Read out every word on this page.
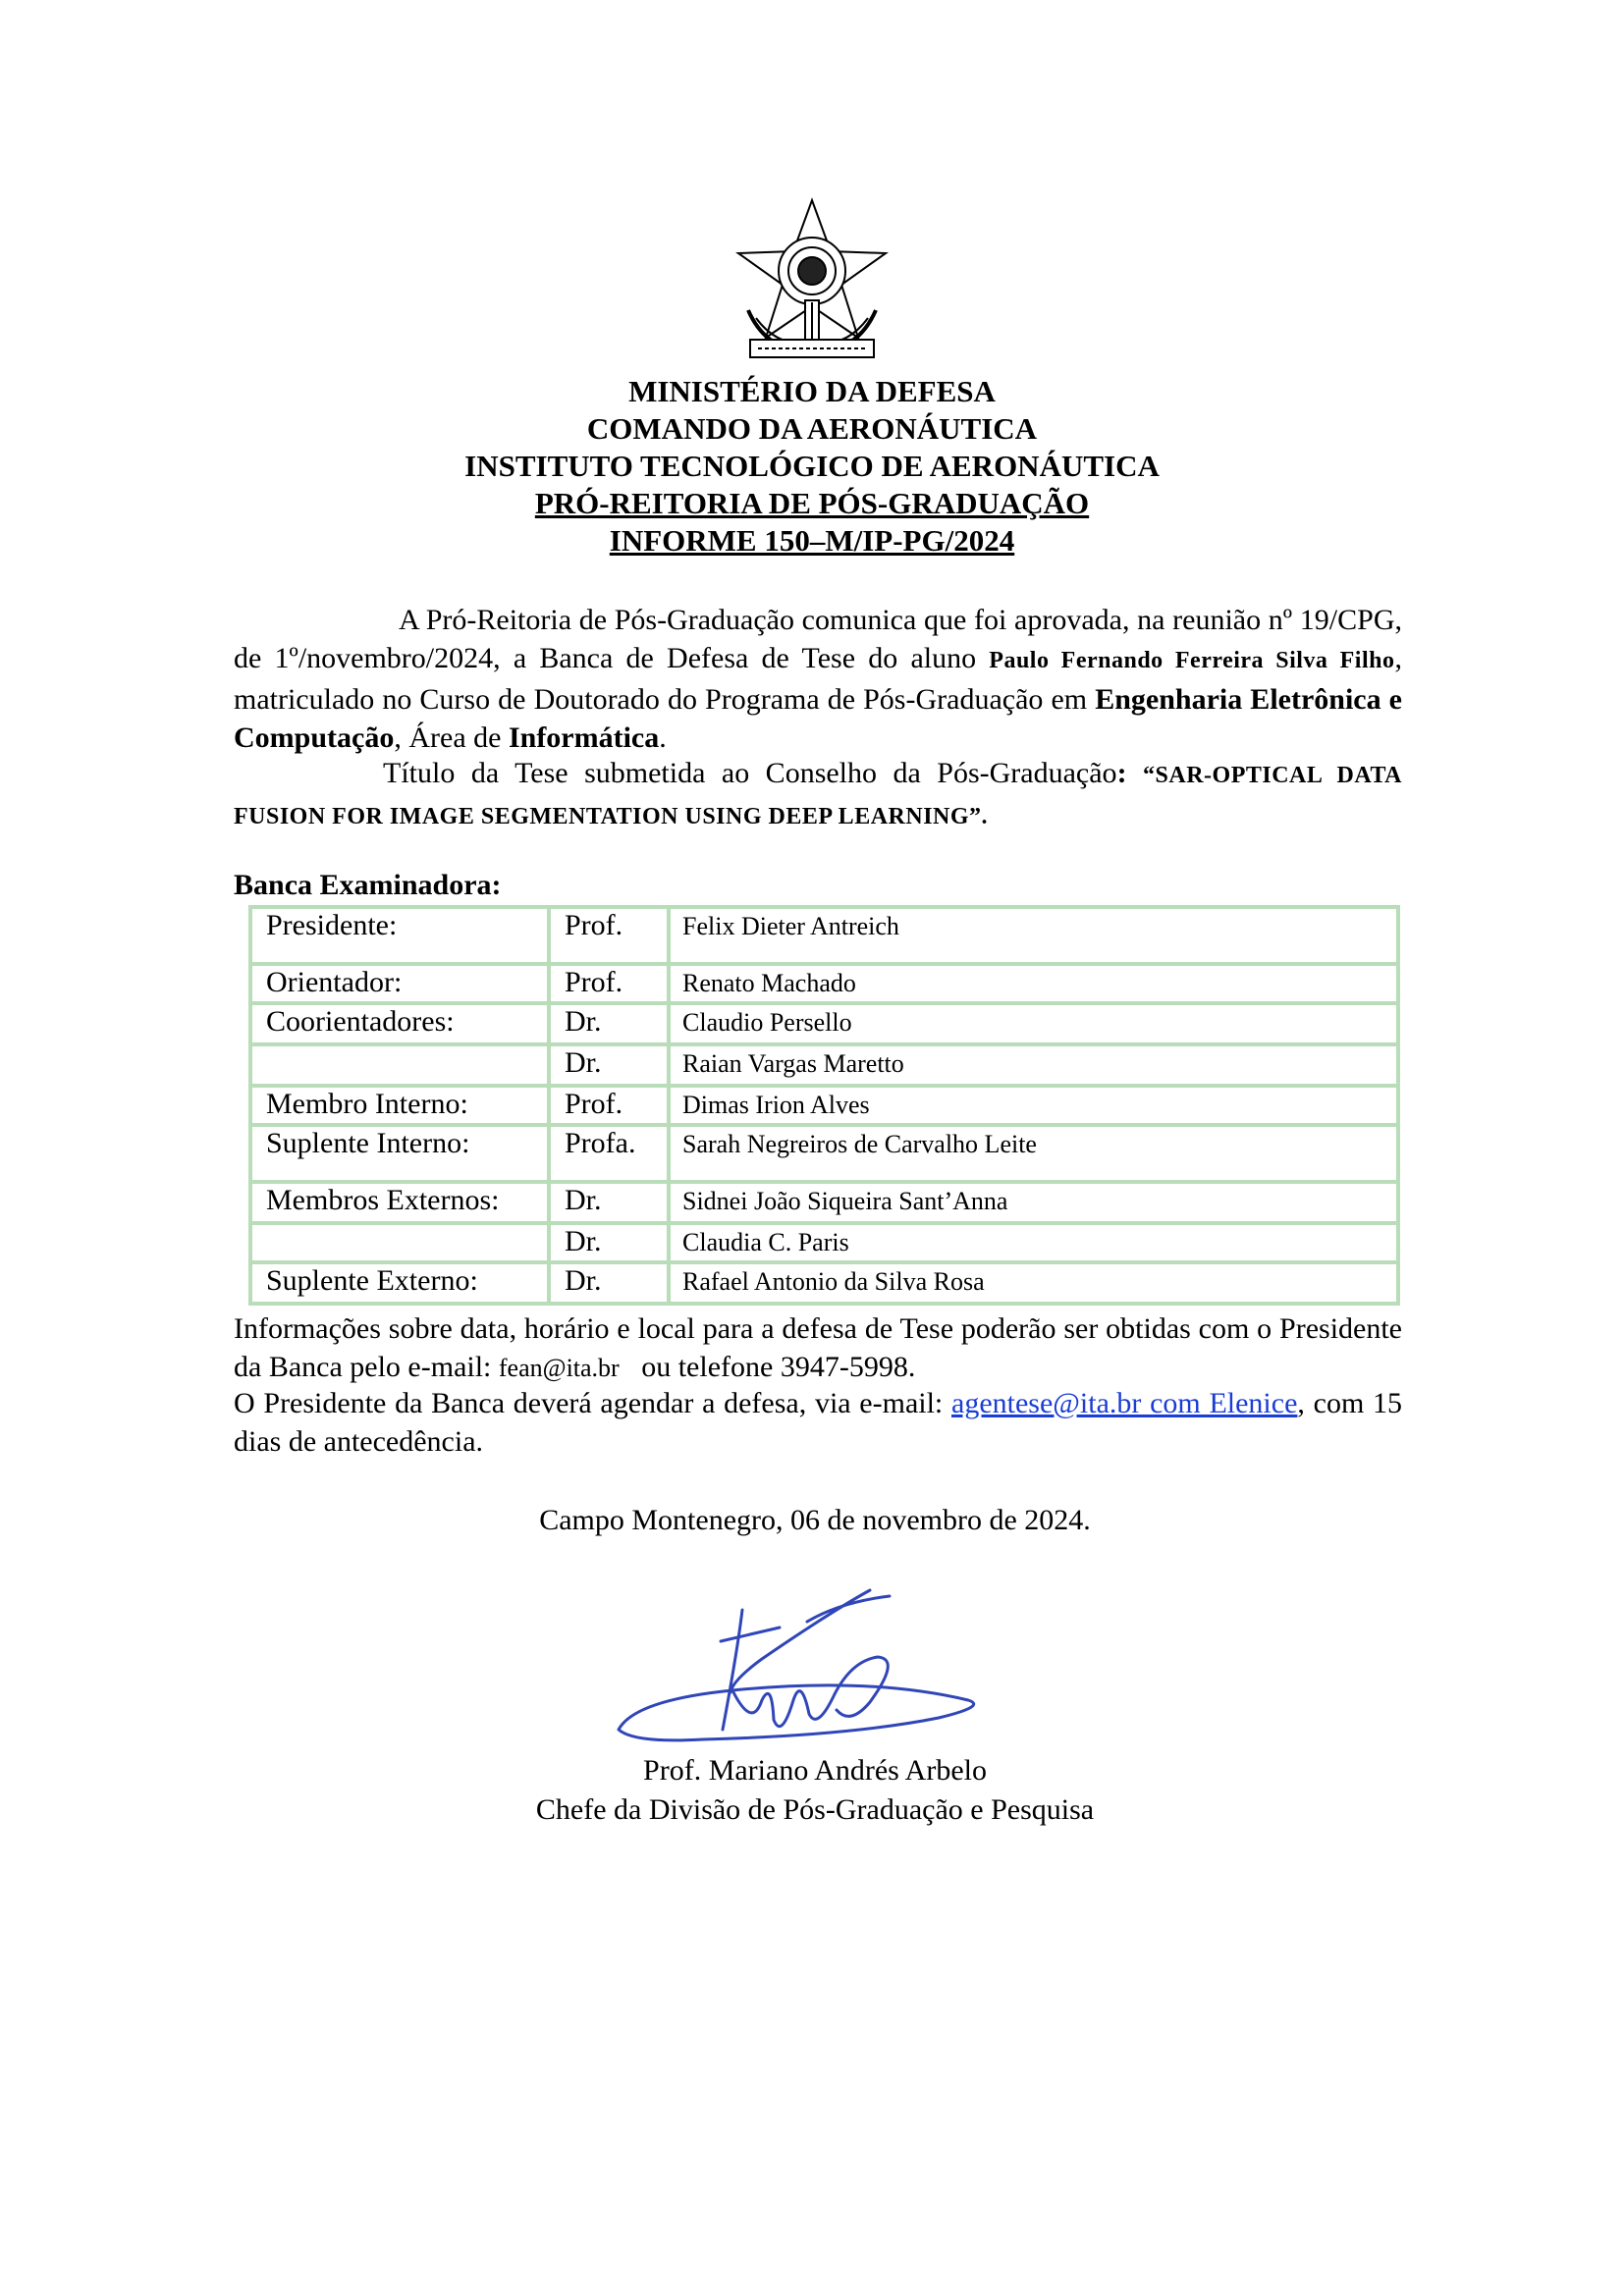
MINISTÉRIO DA DEFESA
COMANDO DA AERONÁUTICA
INSTITUTO TECNOLÓGICO DE AERONÁUTICA
PRÓ-REITORIA DE PÓS-GRADUAÇÃO
INFORME 150–M/IP-PG/2024
A Pró-Reitoria de Pós-Graduação comunica que foi aprovada, na reunião nº 19/CPG, de 1º/novembro/2024, a Banca de Defesa de Tese do aluno Paulo Fernando Ferreira Silva Filho, matriculado no Curso de Doutorado do Programa de Pós-Graduação em Engenharia Eletrônica e Computação, Área de Informática.
Título da Tese submetida ao Conselho da Pós-Graduação: “SAR-OPTICAL DATA FUSION FOR IMAGE SEGMENTATION USING DEEP LEARNING”.
Banca Examinadora:
Presidente:	Prof.	Felix Dieter Antreich
Orientador:	Prof.	Renato Machado
Coorientadores:	Dr.	Claudio Persello
	Dr.	Raian Vargas Maretto
Membro Interno:	Prof.	Dimas Irion Alves
Suplente Interno:	Profa.	Sarah Negreiros de Carvalho Leite
Membros Externos:	Dr.	Sidnei João Siqueira Sant’Anna
	Dr.	Claudia C. Paris
Suplente Externo:	Dr.	Rafael Antonio da Silva Rosa
Informações sobre data, horário e local para a defesa de Tese poderão ser obtidas com o Presidente da Banca pelo e-mail: fean@ita.br ou telefone 3947-5998.
O Presidente da Banca deverá agendar a defesa, via e-mail: agentese@ita.br com Elenice, com 15 dias de antecedência.
Campo Montenegro, 06 de novembro de 2024.
Prof. Mariano Andrés Arbelo
Chefe da Divisão de Pós-Graduação e Pesquisa
